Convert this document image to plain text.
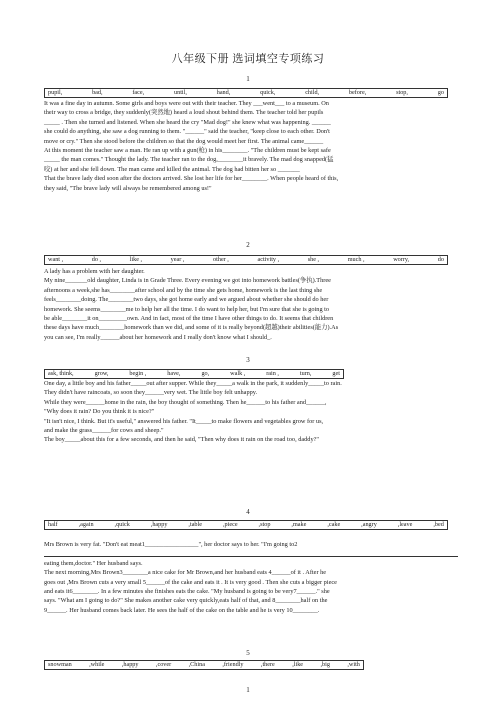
八年级下册 选词填空专项练习
1
pupil,	bad,	face,	until,	hand,	quick,	child,	before,	stop,	go
It was a fine day in autumn. Some girls and boys were out with their teacher. They ___went___ to a museum. On
their way to cross a bridge, they suddenly(突然地) heard a loud shout behind them. The teacher told her pupils
_____ . Then she turned and listened. When she heard the cry "Mad dog!" she knew what was happening. ______
she could do anything, she saw a dog running to them. "______" said the teacher, "keep close to each other. Don't
move or cry." Then she stood before the children so that the dog would meet her first. The animal came______
At this moment the teacher saw a man. He ran up with a gun(枪) in his________. "The children must be kept safe
_____ the man comes." Thought the lady. The teacher ran to the dog,________it bravely. The mad dog snapped(猛
咬) at her and she fell down. The man came and killed the animal. The dog had bitten her so _______
That the brave lady died soon after the doctors arrived. She lost her life for her________. When people heard of this,
they said, "The brave lady will always be remembered among us!"
2
want ,	do ,	like ,	year ,	other ,	activity ,	she ,	much ,	worry,	do
A lady has a problem with her daughter.
My nine_______old daughter, Linda is in Grade Three. Every evening we got into homework battles(争执).Three
afternoons a week,she has________after school and by the time she gets home, homework is the last thing she
feels________doing. The________two days, she got home early and we argued about whether she should do her
homework. She seems________me to help her all the time. I do want to help her, but I'm sure that she is going to
be able________it on_________own. And in fact, most of the time I have other things to do. It seems that children
these days have much________homework than we did, and some of it is really beyond(超越)their abilities(能力).As
you can see, I'm really______about her homework and I really don't know what I should_.
3
ask, think,	grow,	begin ,	have,	go,	walk ,	rain ,	turn,	get
One day, a little boy and his father_____out after supper. While they_____a walk in the park, it suddenly_____to rain.
They didn't have raincoats, so soon they______very wet. The little boy felt unhappy.
While they were______home in the rain, the boy thought of something. Then he______to his father and______,
"Why does it rain? Do you think it is nice?"
"It isn't nice, I think. But it's useful," answered his father. "It_____to make flowers and vegetables grow for us,
and make the grass______for cows and sheep."
The boy_____about this for a few seconds, and then he said, "Then why does it rain on the road too, daddy?"
4
half	,again	,quick	,happy	,table	,piece	,stop	,make	,cake	,angry	,leave	,bed
Mrs Brown is very fat. "Don't eat meat1_________________", her doctor says to her. "I'm going to2
eating them,doctor." Her husband says.
The next morning,Mrs Brown3________a nice cake for Mr Brown,and her husband eats 4______of it . After he
goes out ,Mrs Brown cuts a very small 5______of the cake and eats it . It is very good . Then she cuts a bigger piece
and eats it6________. In a few minutes she finishes eats the cake. "My husband is going to be very7______." she
says. "What am I going to do?" She makes another cake very quickly,eats half of that, and 8________half on the
9______. Her husband comes back later. He sees the half of the cake on the table and he is very 10________.
5
snowman	,while	,happy	,cover	,China	,friendly	,there	,like	,big	,with
1
